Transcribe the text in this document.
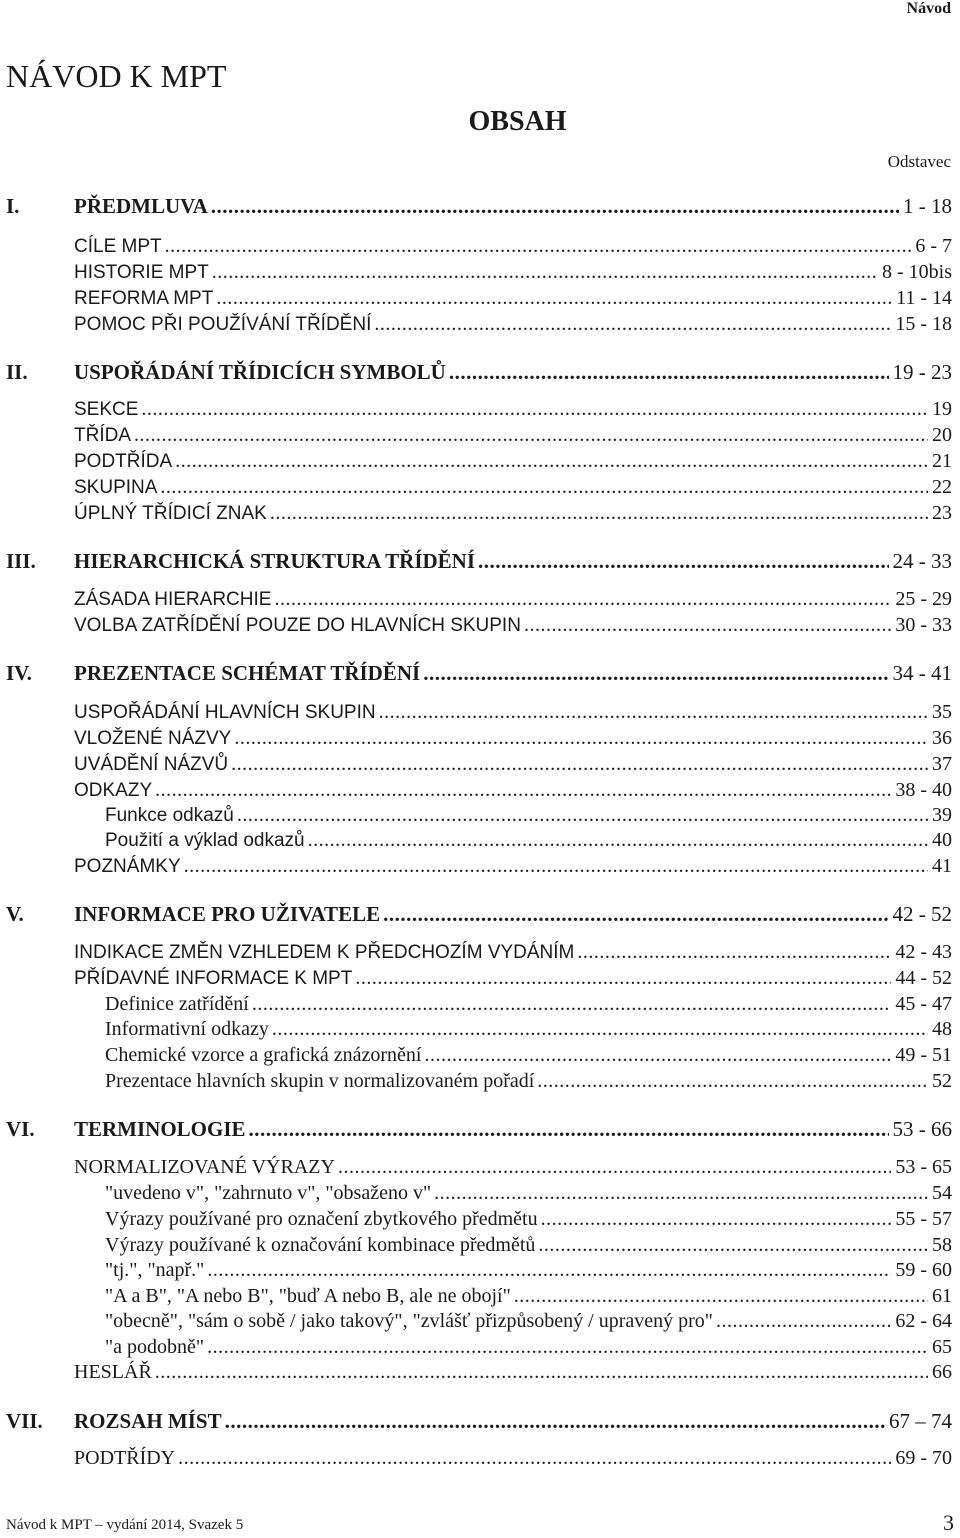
Návod
NÁVOD K MPT
OBSAH
Odstavec
I.	PŘEDMLUVA .....	1 - 18
CÍLE MPT .....	6 - 7
HISTORIE MPT .....	8 - 10bis
REFORMA MPT .....	11 - 14
POMOC PŘI POUŽÍVÁNÍ TŘÍDĚNÍ .....	15 - 18
II. USPOŘÁDÁNÍ TŘÍDICÍCH SYMBOLŮ .....	19 - 23
SEKCE .....	19
TŘÍDA .....	20
PODTŘÍDA .....	21
SKUPINA .....	22
ÚPLNÝ TŘÍDICÍ ZNAK .....	23
III. HIERARCHICKÁ STRUKTURA TŘÍDĚNÍ .....	24 - 33
ZÁSADA HIERARCHIE .....	25 - 29
VOLBA ZATŘÍDĚNÍ POUZE DO HLAVNÍCH SKUPIN .....	30 - 33
IV. PREZENTACE SCHÉMAT TŘÍDĚNÍ .....	34 - 41
USPOŘÁDÁNÍ HLAVNÍCH SKUPIN .....	35
VLOŽENÉ NÁZVY .....	36
UVÁDĚNÍ NÁZVŮ .....	37
ODKAZY .....	38 - 40
Funkce odkazů .....	39
Použití a výklad odkazů .....	40
POZNÁMKY .....	41
V. INFORMACE PRO UŽIVATELE .....	42 - 52
INDIKACE ZMĚN VZHLEDEM K PŘEDCHOZÍM VYDÁNÍM .....	42 - 43
PŘÍDAVNÉ INFORMACE K MPT .....	44 - 52
Definice zatřídění .....	45 - 47
Informativní odkazy .....	48
Chemické vzorce a grafická znázornění .....	49 - 51
Prezentace hlavních skupin v normalizovaném pořadí .....	52
VI. TERMINOLOGIE .....	53 - 66
NORMALIZOVANÉ VÝRAZY .....	53 - 65
"uvedeno v", "zahrnuto v", "obsaženo v" .....	54
Výrazy používané pro označení zbytkového předmětu .....	55 - 57
Výrazy používané k označování kombinace předmětů .....	58
"tj.", "např." .....	59 - 60
"A a B", "A nebo B", "buď A nebo B, ale ne obojí" .....	61
"obecně", "sám o sobě / jako takový", "zvlášť přizpůsobený / upravený pro" .....	62 - 64
"a podobně" .....	65
HESLÁŘ .....	66
VII. ROZSAH MÍST .....	67 – 74
PODTŘÍDY .....	69 - 70
Návod k MPT – vydání 2014, Svazek 5	3
